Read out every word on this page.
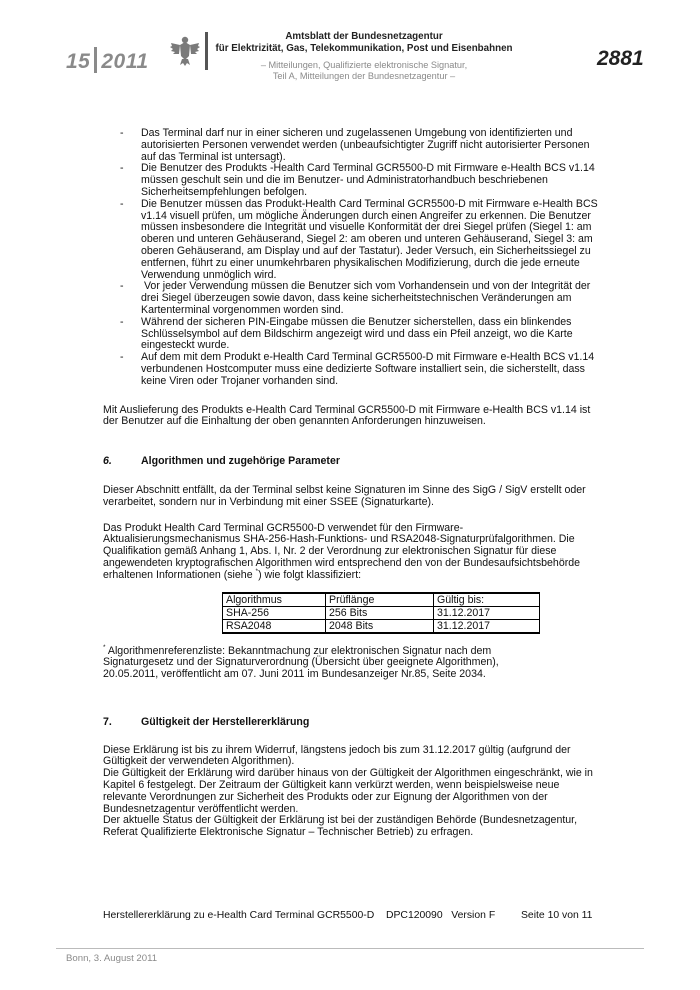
15 2011
Amtsblatt der Bundesnetzagentur
für Elektrizität, Gas, Telekommunikation, Post und Eisenbahnen
– Mitteilungen, Qualifizierte elektronische Signatur,
Teil A, Mitteilungen der Bundesnetzagentur –
2881
- Das Terminal darf nur in einer sicheren und zugelassenen Umgebung von identifizierten und
autorisierten Personen verwendet werden (unbeaufsichtigter Zugriff nicht autorisierter Personen
auf das Terminal ist untersagt).
- Die Benutzer des Produkts -Health Card Terminal GCR5500-D mit Firmware e-Health BCS v1.14
müssen geschult sein und die im Benutzer- und Administratorhandbuch beschriebenen
Sicherheitsempfehlungen befolgen.
- Die Benutzer müssen das Produkt-Health Card Terminal GCR5500-D mit Firmware e-Health BCS
v1.14 visuell prüfen, um mögliche Änderungen durch einen Angreifer zu erkennen. Die Benutzer
müssen insbesondere die Integrität und visuelle Konformität der drei Siegel prüfen (Siegel 1: am
oberen und unteren Gehäuserand, Siegel 2: am oberen und unteren Gehäuserand, Siegel 3: am
oberen Gehäuserand, am Display und auf der Tastatur). Jeder Versuch, ein Sicherheitssiegel zu
entfernen, führt zu einer unumkehrbaren physikalischen Modifizierung, durch die jede erneute
Verwendung unmöglich wird.
- Vor jeder Verwendung müssen die Benutzer sich vom Vorhandensein und von der Integrität der
drei Siegel überzeugen sowie davon, dass keine sicherheitstechnischen Veränderungen am
Kartenterminal vorgenommen worden sind.
- Während der sicheren PIN-Eingabe müssen die Benutzer sicherstellen, dass ein blinkendes
Schlüsselsymbol auf dem Bildschirm angezeigt wird und dass ein Pfeil anzeigt, wo die Karte
eingesteckt wurde.
- Auf dem mit dem Produkt e-Health Card Terminal GCR5500-D mit Firmware e-Health BCS v1.14
verbundenen Hostcomputer muss eine dedizierte Software installiert sein, die sicherstellt, dass
keine Viren oder Trojaner vorhanden sind.
Mit Auslieferung des Produkts e-Health Card Terminal GCR5500-D mit Firmware e-Health BCS v1.14 ist
der Benutzer auf die Einhaltung der oben genannten Anforderungen hinzuweisen.
6.	Algorithmen und zugehörige Parameter
Dieser Abschnitt entfällt, da der Terminal selbst keine Signaturen im Sinne des SigG / SigV erstellt oder
verarbeitet, sondern nur in Verbindung mit einer SSEE (Signaturkarte).
Das Produkt Health Card Terminal GCR5500-D verwendet für den Firmware-
Aktualisierungsmechanismus SHA-256-Hash-Funktions- und RSA2048-Signaturprüfalgorithmen. Die
Qualifikation gemäß Anhang 1, Abs. I, Nr. 2 der Verordnung zur elektronischen Signatur für diese
angewendeten kryptografischen Algorithmen wird entsprechend den von der Bundesaufsichtsbehörde
erhaltenen Informationen (siehe *) wie folgt klassifiziert:
Algorithmus	Prüflänge	Gültig bis:
SHA-256	256 Bits	31.12.2017
RSA2048	2048 Bits	31.12.2017
* Algorithmenreferenzliste: Bekanntmachung zur elektronischen Signatur nach dem
Signaturgesetz und der Signaturverordnung (Übersicht über geeignete Algorithmen),
20.05.2011, veröffentlicht am 07. Juni 2011 im Bundesanzeiger Nr.85, Seite 2034.
7.	Gültigkeit der Herstellererklärung
Diese Erklärung ist bis zu ihrem Widerruf, längstens jedoch bis zum 31.12.2017 gültig (aufgrund der
Gültigkeit der verwendeten Algorithmen).
Die Gültigkeit der Erklärung wird darüber hinaus von der Gültigkeit der Algorithmen eingeschränkt, wie in
Kapitel 6 festgelegt. Der Zeitraum der Gültigkeit kann verkürzt werden, wenn beispielsweise neue
relevante Verordnungen zur Sicherheit des Produkts oder zur Eignung der Algorithmen von der
Bundesnetzagentur veröffentlicht werden.
Der aktuelle Status der Gültigkeit der Erklärung ist bei der zuständigen Behörde (Bundesnetzagentur,
Referat Qualifizierte Elektronische Signatur – Technischer Betrieb) zu erfragen.
Herstellererklärung zu e-Health Card Terminal GCR5500-D	DPC120090   Version F	Seite 10 von 11
Bonn, 3. August 2011
